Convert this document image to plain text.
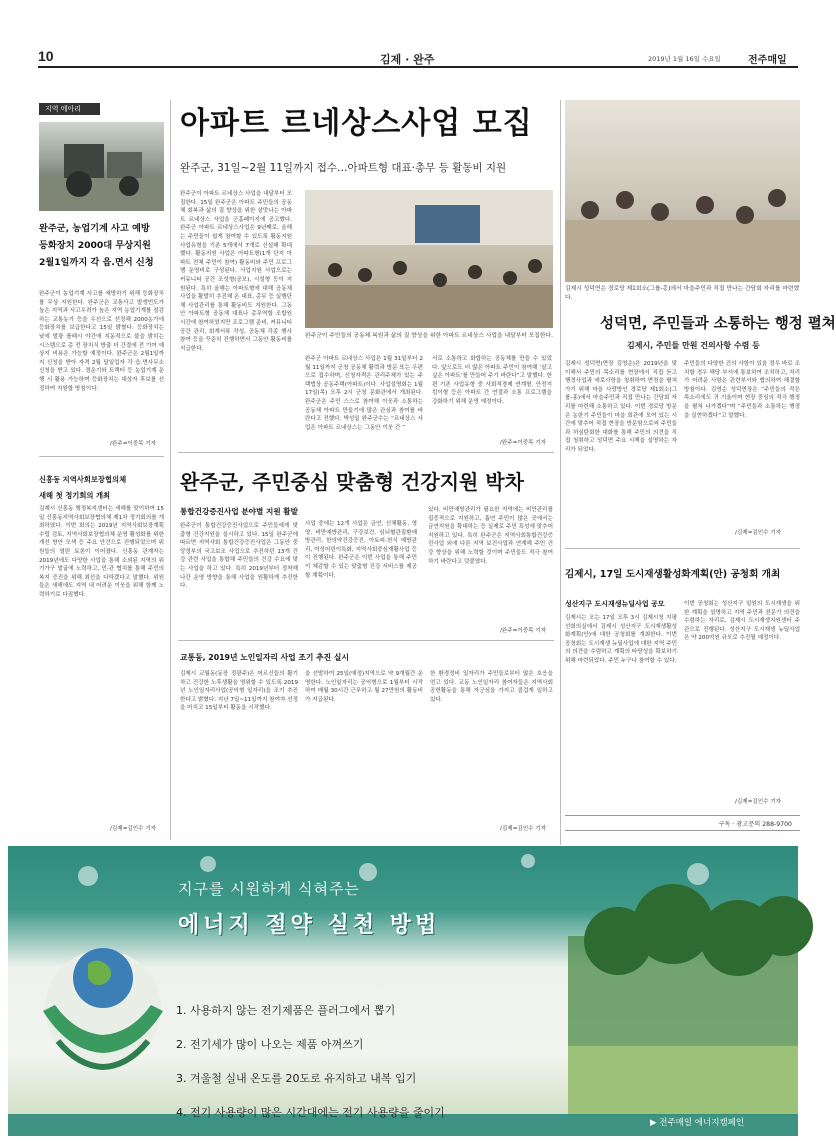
10	김제 · 완주	2019년 1월 16일 수요일	전주매일
지역 메아리
완주군, 농업기계 사고 예방
등화장치 2000대 무상지원
2월1일까지 각 읍.면서 신청
완주군이 농업기계 사고를 예방하기 위해 등화장치를 무상 지원한다. 완주군은 교통사고 발생빈도가 높은 지역과 사고우려가 높은 지역 농업기계를 점검하는 교통농가 등을 우선으로 선정해 2000농가에 등화장치를 보급한다고 15일 밝혔다. 등화장치는 낮에 발광 플래시 야간에 지동적으로 불을 밝히는 시스템으로 총 전 장치식 방출 더 간결에 전 기여 예상지 비용은 가능할 예정이다. 완주군은 2월1일까지 신청을 받아 자격 2월 달일업자 각 읍.면사무소 신청을 받고 있다. 경운기와 트랙터 등 농업기계 운행 시 활용 가능하며 등화장치는 대상자 후보를 선정하여 지원할 방침이다.
/완주=이중목 기자
신흥동 지역사회보장협의체
새해 첫 정기회의 개최
김제시 신흥동 행정복지센터는 새해를 맞이하여 15일 신흥동지역사회보장협의체 제1차 정기회의를 개최하였다. 이번 회의는 2019년 지역사회보장계획 수립 검토, 지역사회보장협의체 운영 활성화를 위한 개선 방안 모색 등 주요 안건으로 진행되었으며 위원들의 열띤 토론이 이어졌다. 신흥동 관계자는 2019년에도 다양한 사업을 통해 소외된 지역의 위기가구 발굴에 노력하고, 민·관 협치를 통해 주민의 복지 증진을 위해 최선을 다하겠다고 말했다. 위원들은 새해에도 지역 내 어려운 이웃을 위해 함께 노력하기로 다짐했다.
/김제=김인수 기자
아파트 르네상스사업 모집
완주군, 31일~2월 11일까지 접수…아파트형 대표·총무 등 활동비 지원
완주군이 아파트 르네상스 사업을 내달부터 모집한다. 15일 완주군은 아파트 주민들의 공동체 회복과 삶의 질 향상을 위한 살맛나는 아파트 르네상스 사업을 군홈페이지에 공고했다. 완주군 아파트 르네상스사업은 9년째로, 올해는 주민들이 쉽게 참여할 수 있도록 활동지원 사업유형을 기존 5개에서 7개로 신설해 확대했다. 활동지원 사업은 아파트형(1개 단지 아파트 전체 주민이 참여) 활동비와 주민 프로그램 운영비로 구성된다. 사업지원 사업으로는 커뮤니티 공간 조성형(공모), 시설형 등이 지원된다. 특히 올해는 아파트형에 대해 공동체 사업을 활발히 추진해 온 대표, 총무 등 실행단체 사업관리를 통해 활동비도 지원한다. 그동안 아파트형 공동체 대표나 총무역할 조합원 시간에 참여하였지만 프로그램 준비, 커뮤니티 공간 관리, 회계서류 작성, 공동체 각종 행사 참여 등을 꾸준히 진행하면서 그동안 활동비를 지급한다.
완주군이 주민들의 공동체 복원과 삶의 질 향상을 위한 아파트 르네상스 사업을 내달부터 모집한다.
완주군 아파트 르네상스 사업은 1월 31일부터 2월 11일까지 군청 공동체 활력과 방문 또는 우편으로 접수하며, 신청자격은 관리주체가 있는 주택법상 공동주택(아파트)이다. 사업설명회는 1월 17일(목) 오후 2시 군청 문화관에서 개최된다. 완주군은 주민 스스로 참여해 이웃과 소통하는 공동체 아파트 만들기에 많은 관심과 참여를 바란다고 전했다. 박성일 완주군수는 “르네상스 사업은 아파트 르네상스는 그동안 이웃 간 ”
서로 소통하고 화합하는 공동체를 만들 수 있었다. 앞으로도 더 많은 아파트 주민이 참여해 ‘살고 싶은 아파트’를 만들어 주기 바란다”고 말했다. 한편 기존 사업유형 중 사회적경제 연계형, 안전지킴이형 등은 아파트 간 연결과 소통 프로그램을 강화하기 위해 운영 예정이다.
/완주=이중목 기자
김제시 성덕면은 경로당 제1회소(그룹-홍)에서 마을주민과 직접 만나는 간담회 자리를 마련했다.
성덕면, 주민들과 소통하는 행정 펼쳐
김제시, 주민들 만원 건의사항 수렴 등
김제시 성덕면(면장 김영순)은 2019년을 맞이해서 주민의 목소리를 현장에서 직접 듣고 행정사업과 애로사항을 청취하여 면정을 펼쳐가기 위해 마을 사랑방인 경로당 제1회소(그룹-홍)에서 마을주민과 직접 만나는 간담회 자리를 마련해 소통하고 있다. 이번 경로당 방문은 농한기 주민들이 마을 회관에 모여 있는 시간에 맞추어 직접 현장을 방문함으로써 주민들과 허심탄회한 대화를 통해 주민의 의견을 직접 청취하고 성덕면 주요 시책을 설명하는 자리가 되었다.
주민들의 다양한 건의 사항이 있을 경우 바로 조치할 경우 해당 부서에 통보하여 조치하고, 처리가 어려운 사항은 관련부서와 협의하여 해결할 방침이다. 김영순 성덕면장은 “주민들의 작은 목소리에도 귀 기울이며 현장 중심의 적극 행정을 펼쳐 나가겠다”며 “주민들과 소통하는 행정을 실현하겠다”고 말했다.
/김제=김인수 기자
완주군, 주민중심 맞춤형 건강지원 박차
통합건강증진사업 분야별 지원 활발
완주군이 통합건강증진사업으로 주민들에게 맞춤형 건강지원을 실시하고 있다. 15일 완주군에 따르면 지역사회 통합건강증진사업은 그동안 중앙정부의 국고보조 사업으로 추진하던 13개 건강 관련 사업을 통합해 주민들의 건강 수요에 맞는 사업을 하고 있다. 특히 2019년부터 정착해 나간 운영 방향을 통해 사업을 원활하게 추진한다.
사업 중에는 12개 사업은 금연, 신체활동, 영양, 비만예방관리, 구강보건, 심뇌혈관질환예방관리, 한의약건강증진, 아토피·천식 예방관리, 여성어린이특화, 지역사회중심재활사업 등이 진행된다. 완주군은 이번 사업을 통해 주민이 체감할 수 있는 맞춤형 건강 서비스를 제공할 계획이다.
있다. 비만예방관리가 필요한 지역에는 비만관리를 집중적으로 지원하고, 흡연 주민이 많은 곳에서는 금연지원을 확대하는 등 실제로 주민 특성에 맞추어 지원하고 있다. 특히 완주군은 지역사회통합건강증진사업 외에 다른 지역 보건사업과 연계해 주민 건강 향상을 위해 노력할 것이며 주민들도 적극 참여하기 바란다고 덧붙였다.
/완주=이중목 기자
교통동, 2019년 노인일자리 사업 조기 추진 실시
김제시 교월동(동장 정광주)은 어르신들의 활기차고 건강한 노후생활을 영위할 수 있도록 2019년 노인일자리사업(공익형 일자리)을 조기 추진한다고 밝혔다. 지난 7일~11일까지 참여자 선정을 마치고 15일부터 활동을 시작했다.
을 선발하여 25일(예정)지역으로 약 9개월간 운영한다. 노인일자리는 공익형으로 1월부터 시작하여 매월 30시간 근무하고 월 27만원의 활동비가 지급된다.
한 환경정비 일자리가 주민들로부터 많은 호응을 얻고 있다. 교동 노인일자리 참여자들은 지역사회 공헌활동을 통해 자긍심을 가지고 즐겁게 일하고 있다.
/김제=김인수 기자
김제시, 17일 도시재생활성화계획(안) 공청회 개최
성산지구 도시재생뉴딜사업 공모
김제시는 오는 17일 오후 3시 김제시청 지평선회의실에서 김제시 성산지구 도시재생활성화계획(안)에 대한 공청회를 개최한다. 이번 공청회는 도시재생 뉴딜사업에 대한 지역 주민의 의견을 수렴하고 계획의 타당성을 확보하기 위해 마련되었다. 주민 누구나 참여할 수 있다.
이번 공청회는 성산지구 일원의 도시재생을 위한 계획을 설명하고 지역 주민과 전문가 의견을 수렴하는 자리로, 김제시 도시재생지원센터 주관으로 진행된다. 성산지구 도시재생 뉴딜사업은 약 200억원 규모로 추진될 예정이다.
/김제=김인수 기자
구독 · 광고문의 288-9700
지구를 시원하게 식혀주는
에너지 절약 실천 방법
1. 사용하지 않는 전기제품은 플러그에서 뽑기
2. 전기세가 많이 나오는 제품 아껴쓰기
3. 겨울철 실내 온도를 20도로 유지하고 내복 입기
4. 전기 사용량이 많은 시간대에는 전기 사용량을 줄이기
▶ 전주매일 에너지캠페인
